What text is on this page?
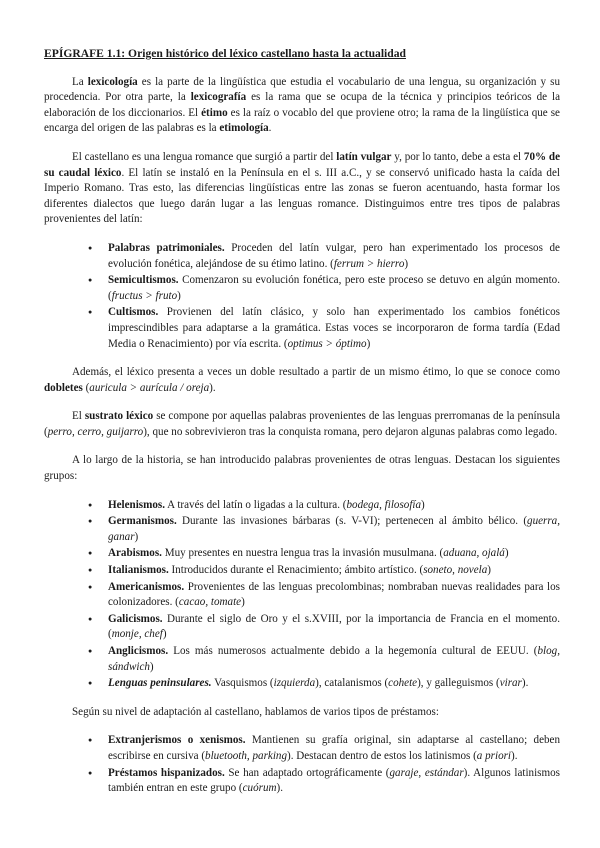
EPÍGRAFE 1.1: Origen histórico del léxico castellano hasta la actualidad

La lexicología es la parte de la lingüística que estudia el vocabulario de una lengua, su organización y su procedencia. Por otra parte, la lexicografía es la rama que se ocupa de la técnica y principios teóricos de la elaboración de los diccionarios. El étimo es la raíz o vocablo del que proviene otro; la rama de la lingüística que se encarga del origen de las palabras es la etimología.

El castellano es una lengua romance que surgió a partir del latín vulgar y, por lo tanto, debe a esta el 70% de su caudal léxico. El latín se instaló en la Península en el s. III a.C., y se conservó unificado hasta la caída del Imperio Romano. Tras esto, las diferencias lingüísticas entre las zonas se fueron acentuando, hasta formar los diferentes dialectos que luego darán lugar a las lenguas romance. Distinguimos entre tres tipos de palabras provenientes del latín:

● Palabras patrimoniales. Proceden del latín vulgar, pero han experimentado los procesos de evolución fonética, alejándose de su étimo latino. (ferrum > hierro)
● Semicultismos. Comenzaron su evolución fonética, pero este proceso se detuvo en algún momento. (fructus > fruto)
● Cultismos. Provienen del latín clásico, y solo han experimentado los cambios fonéticos imprescindibles para adaptarse a la gramática. Estas voces se incorporaron de forma tardía (Edad Media o Renacimiento) por vía escrita. (optimus > óptimo)

Además, el léxico presenta a veces un doble resultado a partir de un mismo étimo, lo que se conoce como dobletes (auricula > aurícula / oreja).

El sustrato léxico se compone por aquellas palabras provenientes de las lenguas prerromanas de la península (perro, cerro, guijarro), que no sobrevivieron tras la conquista romana, pero dejaron algunas palabras como legado.

A lo largo de la historia, se han introducido palabras provenientes de otras lenguas. Destacan los siguientes grupos:

● Helenismos. A través del latín o ligadas a la cultura. (bodega, filosofía)
● Germanismos. Durante las invasiones bárbaras (s. V-VI); pertenecen al ámbito bélico. (guerra, ganar)
● Arabismos. Muy presentes en nuestra lengua tras la invasión musulmana. (aduana, ojalá)
● Italianismos. Introducidos durante el Renacimiento; ámbito artístico. (soneto, novela)
● Americanismos. Provenientes de las lenguas precolombinas; nombraban nuevas realidades para los colonizadores. (cacao, tomate)
● Galicismos. Durante el siglo de Oro y el s.XVIII, por la importancia de Francia en el momento. (monje, chef)
● Anglicismos. Los más numerosos actualmente debido a la hegemonía cultural de EEUU. (blog, sándwich)
● Lenguas peninsulares. Vasquismos (izquierda), catalanismos (cohete), y galleguismos (virar).

Según su nivel de adaptación al castellano, hablamos de varios tipos de préstamos:

● Extranjerismos o xenismos. Mantienen su grafía original, sin adaptarse al castellano; deben escribirse en cursiva (bluetooth, parking). Destacan dentro de estos los latinismos (a priori).
● Préstamos hispanizados. Se han adaptado ortográficamente (garaje, estándar). Algunos latinismos también entran en este grupo (cuórum).
